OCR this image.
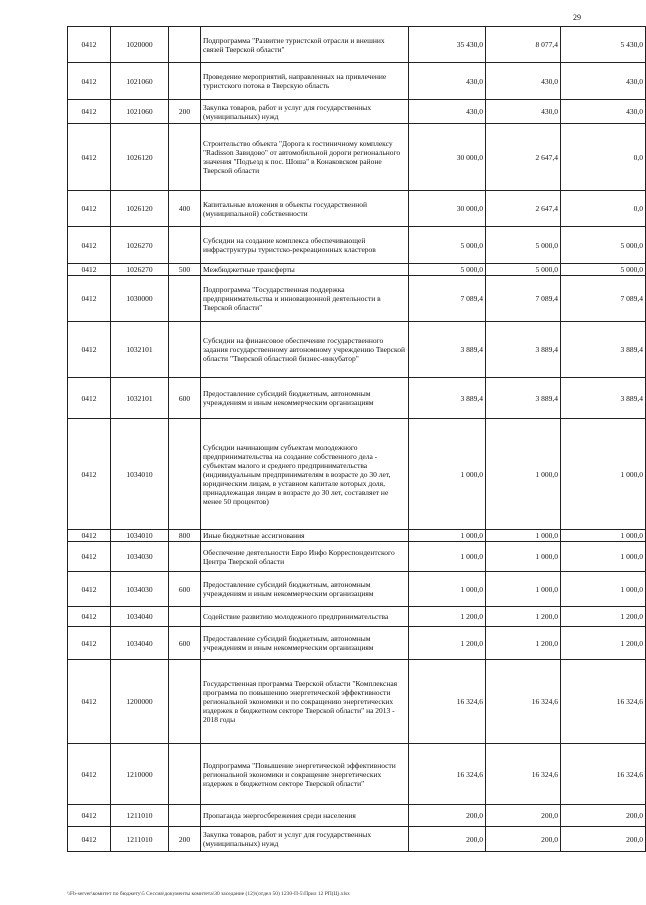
29
0412	1020000		Подпрограмма "Развитие туристской отрасли и внешних связей Тверской области"	35 430,0	8 077,4	5 430,0
0412	1021060		Проведение мероприятий, направленных на привлечение туристского потока в Тверскую область	430,0	430,0	430,0
0412	1021060	200	Закупка товаров, работ и услуг для государственных (муниципальных) нужд	430,0	430,0	430,0
0412	1026120		Строительство объекта "Дорога к гостиничному комплексу "Radisson Завидово" от автомобильной дороги регионального значения "Подъезд к пос. Шоша" в Конаковском районе Тверской области	30 000,0	2 647,4	0,0
0412	1026120	400	Капитальные вложения в объекты государственной (муниципальной) собственности	30 000,0	2 647,4	0,0
0412	1026270		Субсидии на создание комплекса обеспечивающей инфраструктуры туристско-рекреационных кластеров	5 000,0	5 000,0	5 000,0
0412	1026270	500	Межбюджетные трансферты	5 000,0	5 000,0	5 000,0
0412	1030000		Подпрограмма "Государственная поддержка предпринимательства и инновационной деятельности в Тверской области"	7 089,4	7 089,4	7 089,4
0412	1032101		Субсидии на финансовое обеспечение государственного задания государственному автономному учреждению Тверской области "Тверской областной бизнес-инкубатор"	3 889,4	3 889,4	3 889,4
0412	1032101	600	Предоставление субсидий бюджетным, автономным учреждениям и иным некоммерческим организациям	3 889,4	3 889,4	3 889,4
0412	1034010		Субсидии начинающим субъектам молодежного предпринимательства на создание собственного дела - субъектам малого и среднего предпринимательства (индивидуальным предпринимателям в возрасте до 30 лет, юридическим лицам, в уставном капитале которых доля, принадлежащая лицам в возрасте до 30 лет, составляет не менее 50 процентов)	1 000,0	1 000,0	1 000,0
0412	1034010	800	Иные бюджетные ассигнования	1 000,0	1 000,0	1 000,0
0412	1034030		Обеспечение деятельности Евро Инфо Корреспондентского Центра Тверской области	1 000,0	1 000,0	1 000,0
0412	1034030	600	Предоставление субсидий бюджетным, автономным учреждениям и иным некоммерческим организациям	1 000,0	1 000,0	1 000,0
0412	1034040		Содействие развитию молодежного предпринимательства	1 200,0	1 200,0	1 200,0
0412	1034040	600	Предоставление субсидий бюджетным, автономным учреждениям и иным некоммерческим организациям	1 200,0	1 200,0	1 200,0
0412	1200000		Государственная программа Тверской области "Комплексная программа по повышению энергетической эффективности региональной экономики и по сокращению энергетических издержек в бюджетном секторе Тверской области" на 2013 - 2018 годы	16 324,6	16 324,6	16 324,6
0412	1210000		Подпрограмма "Повышение энергетической эффективности региональной экономики и сокращение энергетических издержек в бюджетном секторе Тверской области"	16 324,6	16 324,6	16 324,6
0412	1211010		Пропаганда энергосбережения среди населения	200,0	200,0	200,0
0412	1211010	200	Закупка товаров, работ и услуг для государственных (муниципальных) нужд	200,0	200,0	200,0
\\Fb-server\комитет по бюджету\5 Сессия\документы комитета\30 заседание (12)\(отдел 50) 1230-П-5\Прил 12 РП(Ц).xlsx
